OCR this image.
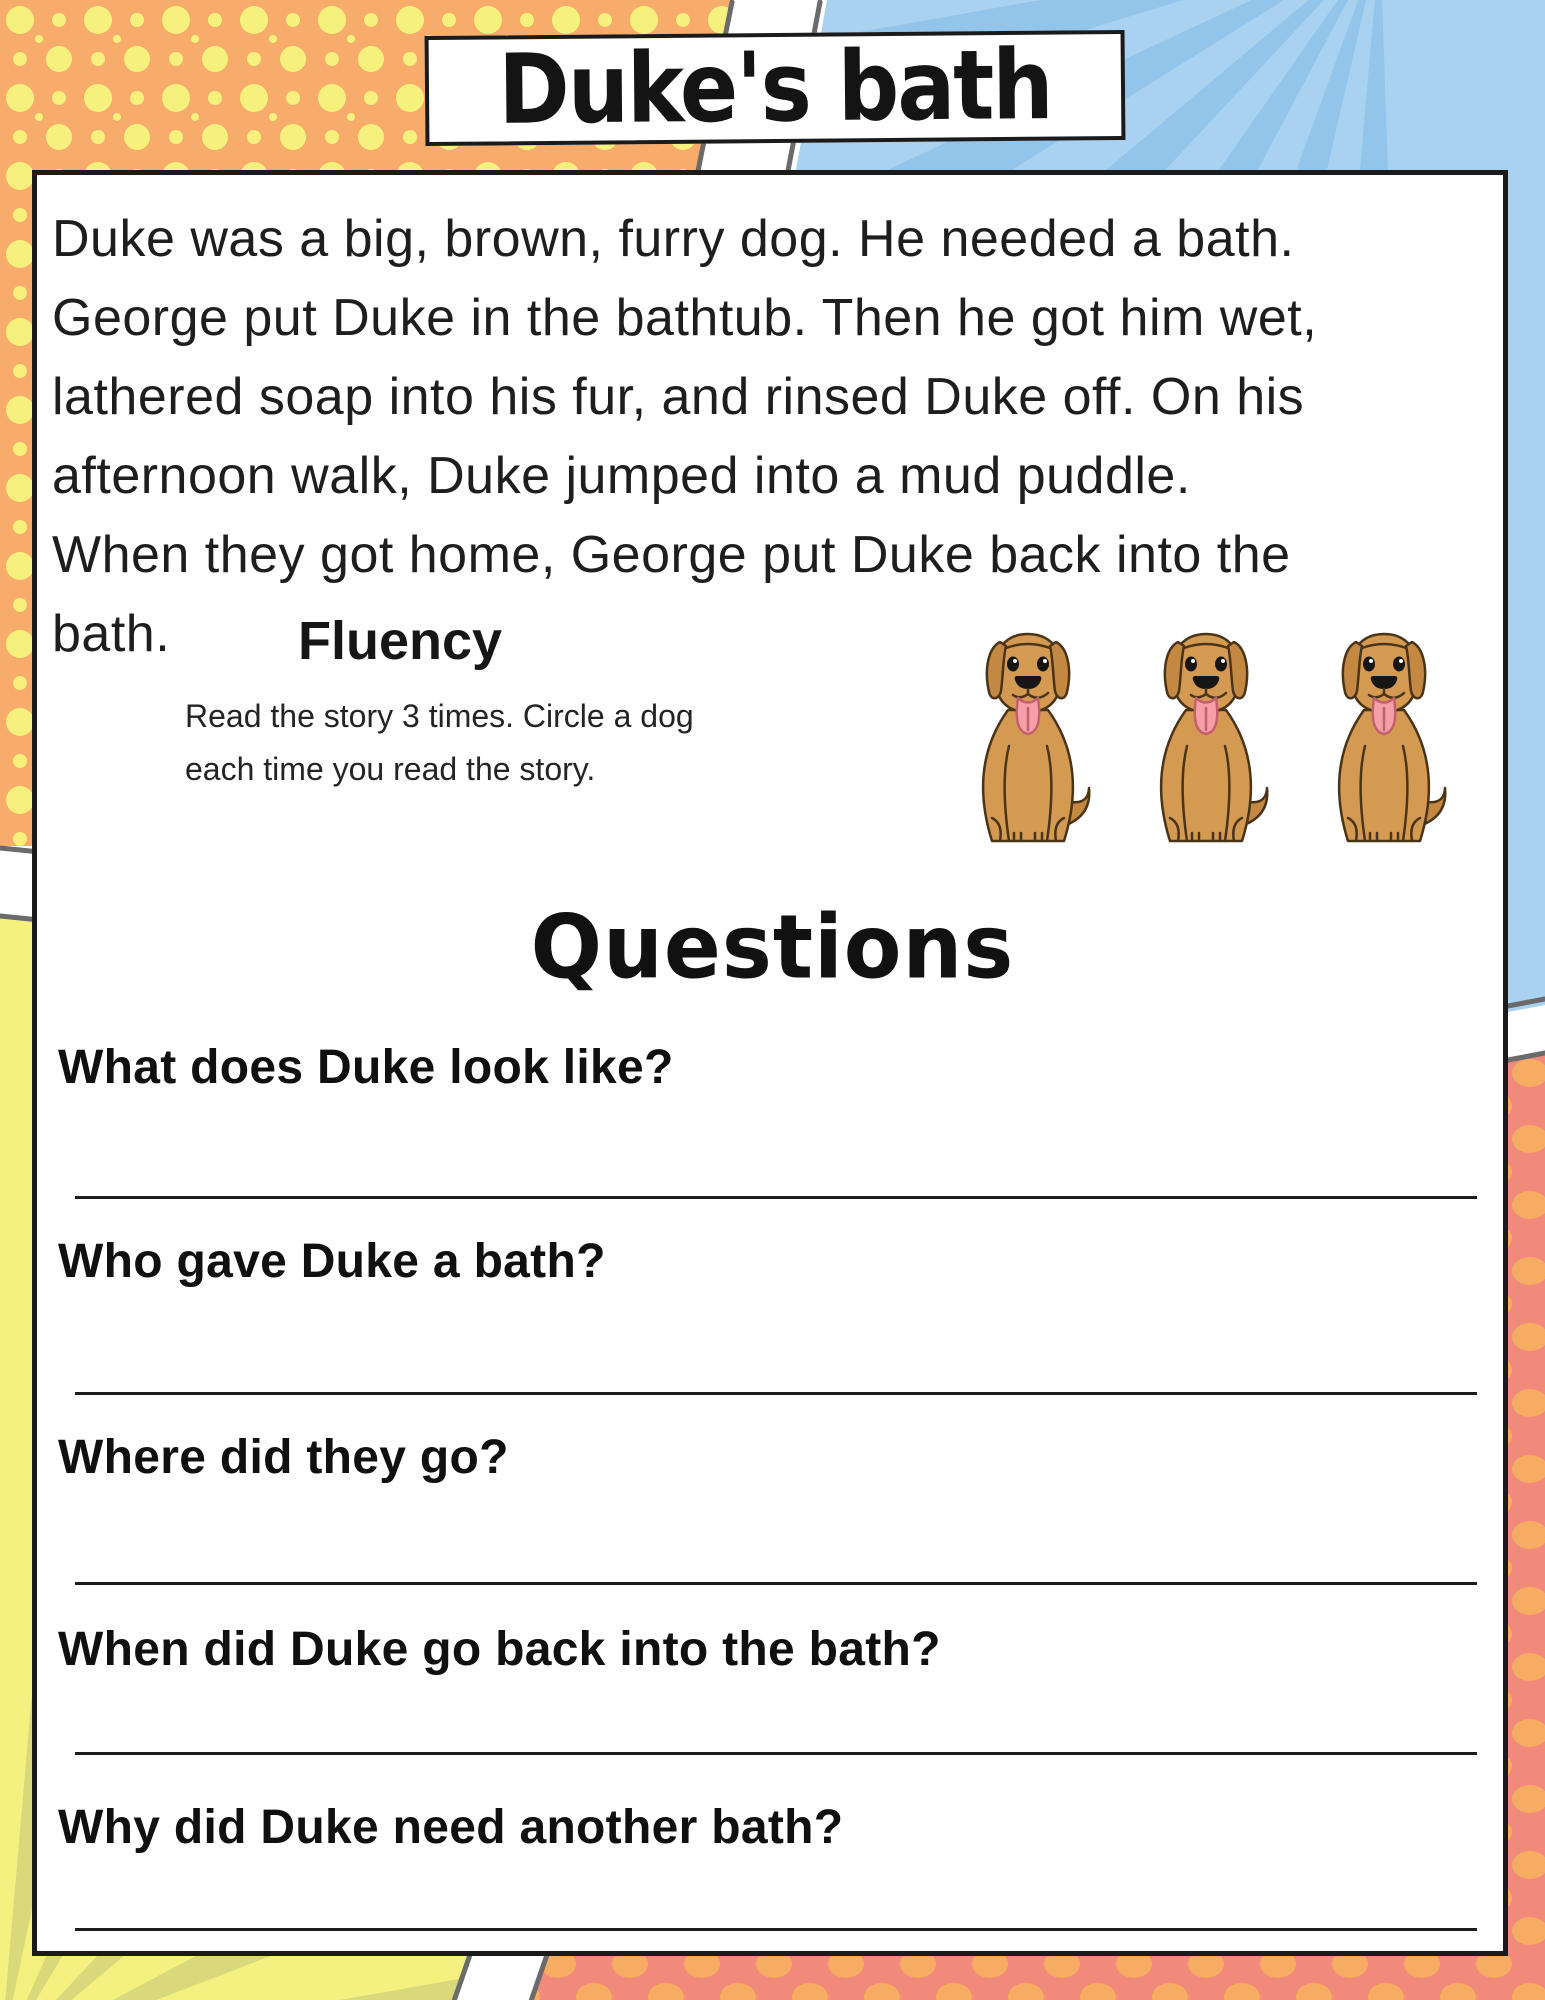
Duke's bath
Duke was a big, brown, furry dog. He needed a bath.
George put Duke in the bathtub. Then he got him wet,
lathered soap into his fur, and rinsed Duke off. On his
afternoon walk, Duke jumped into a mud puddle.
When they got home, George put Duke back into the
bath.	Fluency
Read the story 3 times. Circle a dog
each time you read the story.
Questions
What does Duke look like?
Who gave Duke a bath?
Where did they go?
When did Duke go back into the bath?
Why did Duke need another bath?
